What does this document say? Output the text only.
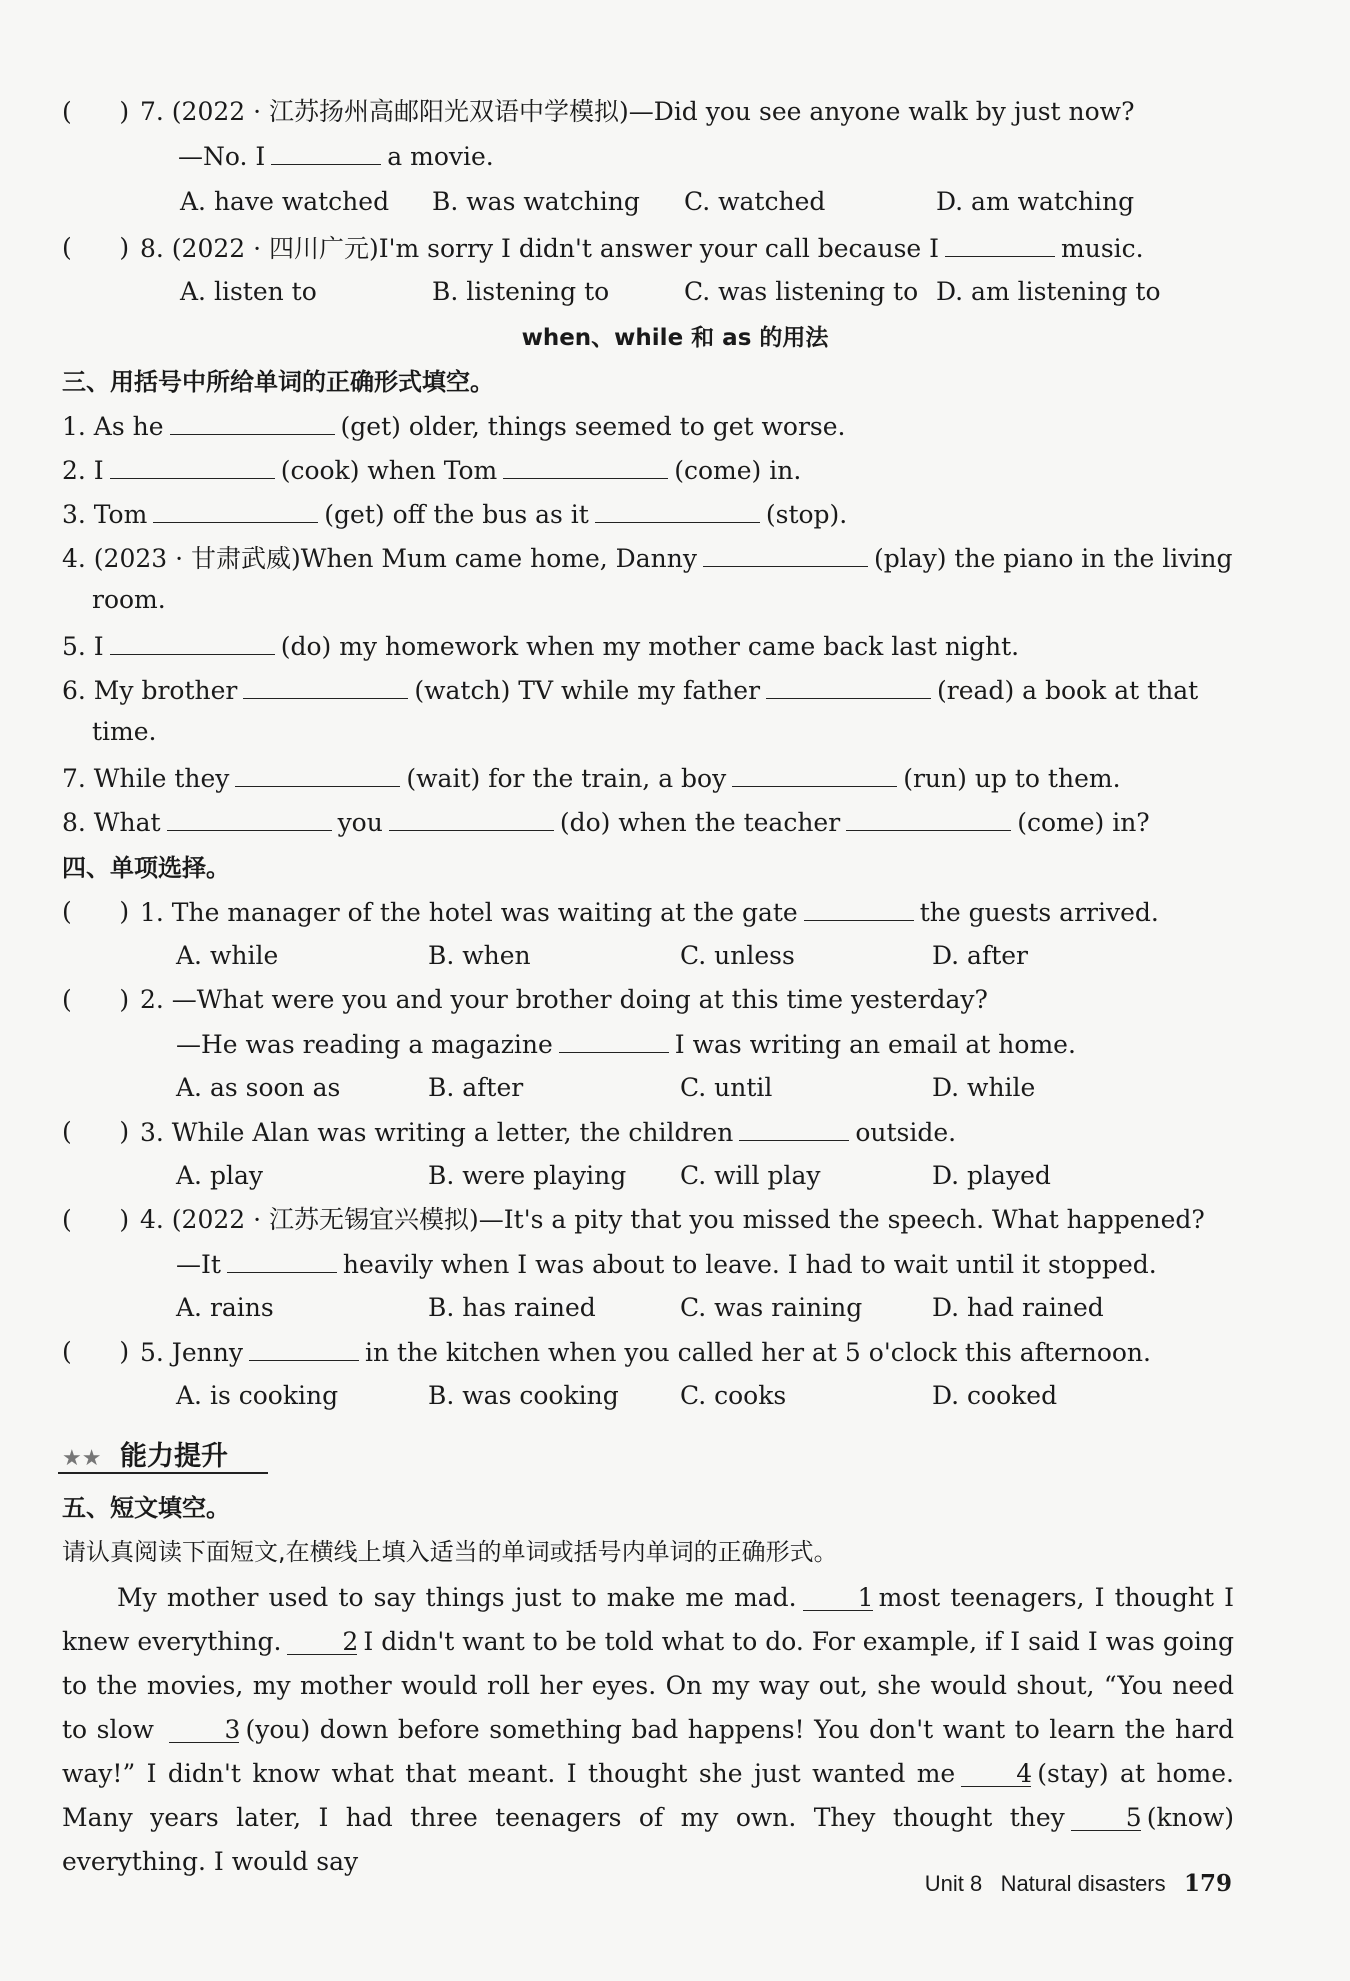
(      ) 7. (2022 · 江苏扬州高邮阳光双语中学模拟)—Did you see anyone walk by just now?
—No. I	a movie.
A. have watched B. was watching C. watched	D. am watching
(      ) 8. (2022 · 四川广元)I'm sorry I didn't answer your call because I	music.
A. listen to	B. listening to	C. was listening to D. am listening to
when、while 和 as 的用法
三、用括号中所给单词的正确形式填空。
1. As he	(get) older, things seemed to get worse.
2. I	(cook) when Tom	(come) in.
3. Tom	(get) off the bus as it	(stop).
4. (2023 · 甘肃武威)When Mum came home, Danny	(play) the piano in the living
room.
5. I	(do) my homework when my mother came back last night.
6. My brother	(watch) TV while my father	(read) a book at that
time.
7. While they	(wait) for the train, a boy	(run) up to them.
8. What	you	(do) when the teacher	(come) in?
四、单项选择。
(      ) 1. The manager of the hotel was waiting at the gate	the guests arrived.
A. while	B. when	C. unless	D. after
(      ) 2. —What were you and your brother doing at this time yesterday?
—He was reading a magazine	I was writing an email at home.
A. as soon as	B. after	C. until	D. while
(      ) 3. While Alan was writing a letter, the children	outside.
A. play	B. were playing C. will play	D. played
(      ) 4. (2022 · 江苏无锡宜兴模拟)—It's a pity that you missed the speech. What happened?
—It	heavily when I was about to leave. I had to wait until it stopped.
A. rains	B. has rained	C. was raining	D. had rained
(      ) 5. Jenny	in the kitchen when you called her at 5 o'clock this afternoon.
A. is cooking	B. was cooking C. cooks	D. cooked
★★ 能力提升
五、短文填空。
请认真阅读下面短文,在横线上填入适当的单词或括号内单词的正确形式。
My mother used to say things just to make me mad. 1 most teenagers, I thought I knew everything. 2 I didn't want to be told what to do. For example, if I said I was going to the movies, my mother would roll her eyes. On my way out, she would shout, “You need to slow	3 (you) down before something bad happens! You don't want to learn the hard way!” I didn't know what that meant. I thought she just wanted me 4 (stay) at home. Many years later, I had three teenagers of my own. They thought they 5 (know) everything. I would say
Unit 8 Natural disasters 179
